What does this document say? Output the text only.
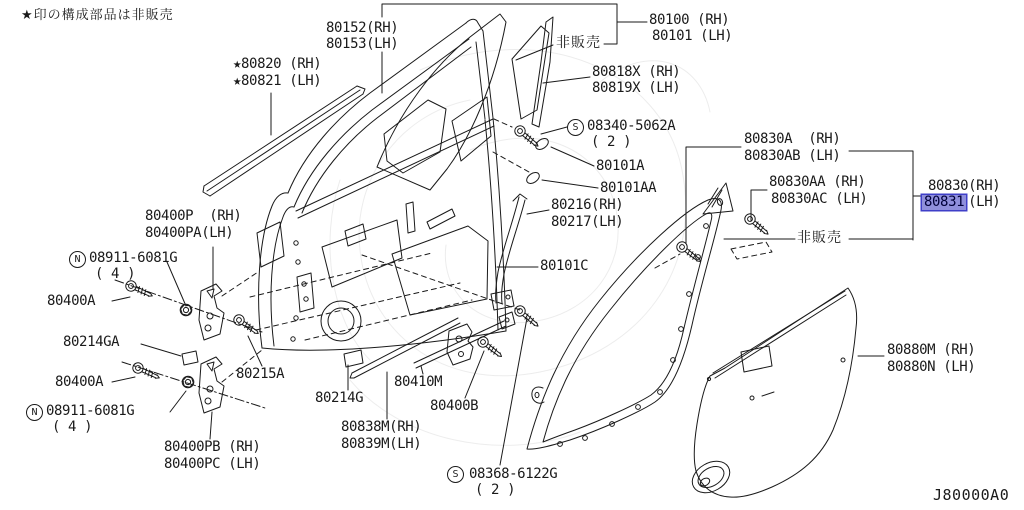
★印の構成部品は非販売
80152(RH)
80153(LH)	非販売
80100 (RH)
80101 (LH)
80818X (RH)
80819X (LH)
★80820 (RH)
★80821 (LH)
S 08340-5062A
( 2 )
80101A
80101AA
80830A  (RH)
80830AB (LH)
80830AA (RH)
80830AC (LH)
80830(RH)
80831 (LH)
80216(RH)
80217(LH)
非販売
80400P  (RH)
80400PA(LH)
N 08911-6081G
( 4 )	80101C
80400A
80214GA
80400A
N 08911-6081G
( 4 )
80215A
80400PB (RH)
80400PC (LH)
80214G
80410M
80400B
80838M(RH)
80839M(LH)
S 08368-6122G
( 2 )
80880M (RH)
80880N (LH)
J80000A0
